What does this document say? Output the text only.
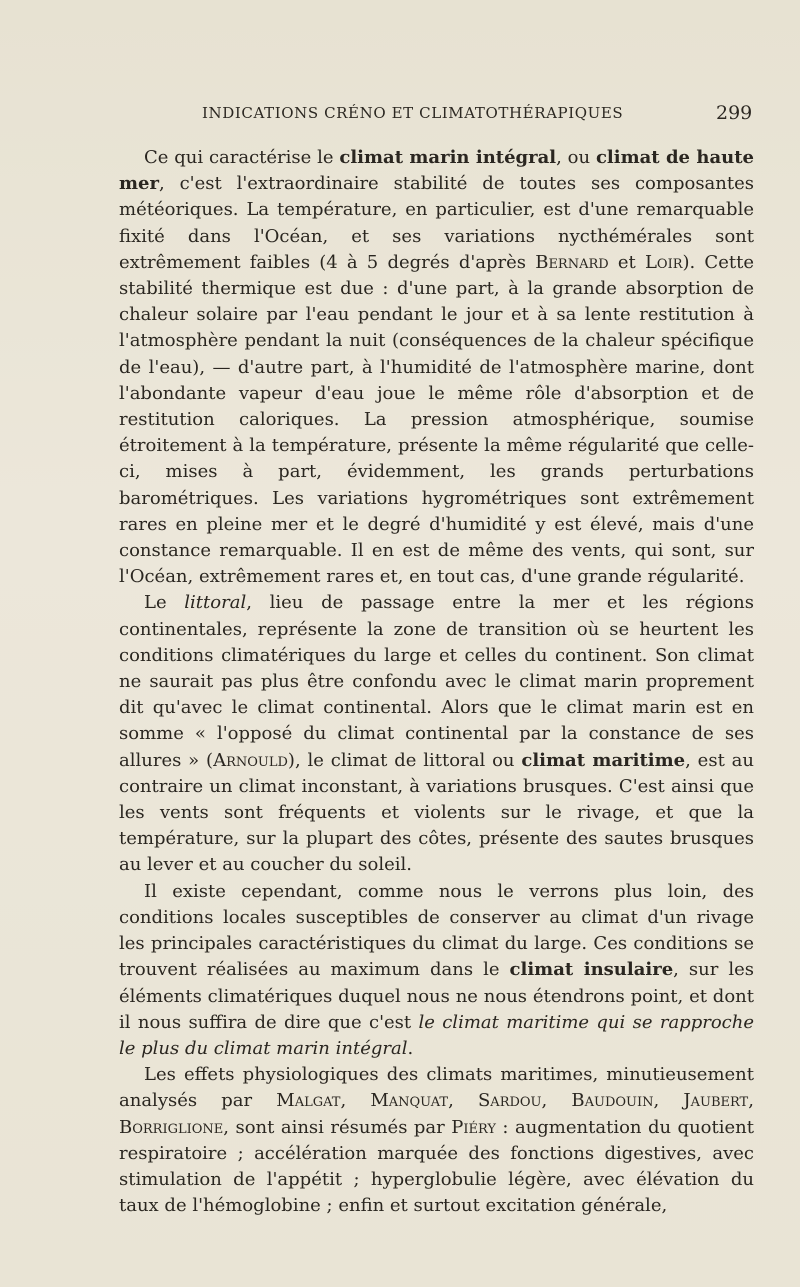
INDICATIONS CRÉNO ET CLIMATOTHÉRAPIQUES	299

Ce qui caractérise le climat marin intégral, ou climat de haute mer, c'est l'extraordinaire stabilité de toutes ses composantes météoriques. La température, en particulier, est d'une remarquable fixité dans l'Océan, et ses variations nycthémérales sont extrêmement faibles (4 à 5 degrés d'après Bernard et Loir). Cette stabilité thermique est due : d'une part, à la grande absorption de chaleur solaire par l'eau pendant le jour et à sa lente restitution à l'atmosphère pendant la nuit (conséquences de la chaleur spécifique de l'eau), — d'autre part, à l'humidité de l'atmosphère marine, dont l'abondante vapeur d'eau joue le même rôle d'absorption et de restitution caloriques. La pression atmosphérique, soumise étroitement à la température, présente la même régularité que celle-ci, mises à part, évidemment, les grands perturbations barométriques. Les variations hygrométriques sont extrêmement rares en pleine mer et le degré d'humidité y est élevé, mais d'une constance remarquable. Il en est de même des vents, qui sont, sur l'Océan, extrêmement rares et, en tout cas, d'une grande régularité.

Le littoral, lieu de passage entre la mer et les régions continentales, représente la zone de transition où se heurtent les conditions climatériques du large et celles du continent. Son climat ne saurait pas plus être confondu avec le climat marin proprement dit qu'avec le climat continental. Alors que le climat marin est en somme « l'opposé du climat continental par la constance de ses allures » (Arnould), le climat de littoral ou climat maritime, est au contraire un climat inconstant, à variations brusques. C'est ainsi que les vents sont fréquents et violents sur le rivage, et que la température, sur la plupart des côtes, présente des sautes brusques au lever et au coucher du soleil.

Il existe cependant, comme nous le verrons plus loin, des conditions locales susceptibles de conserver au climat d'un rivage les principales caractéristiques du climat du large. Ces conditions se trouvent réalisées au maximum dans le climat insulaire, sur les éléments climatériques duquel nous ne nous étendrons point, et dont il nous suffira de dire que c'est le climat maritime qui se rapproche le plus du climat marin intégral.

Les effets physiologiques des climats maritimes, minutieusement analysés par Malgat, Manquat, Sardou, Baudouin, Jaubert, Borriglione, sont ainsi résumés par Piéry : augmentation du quotient respiratoire ; accélération marquée des fonctions digestives, avec stimulation de l'appétit ; hyperglobulie légère, avec élévation du taux de l'hémoglobine ; enfin et surtout excitation générale,
